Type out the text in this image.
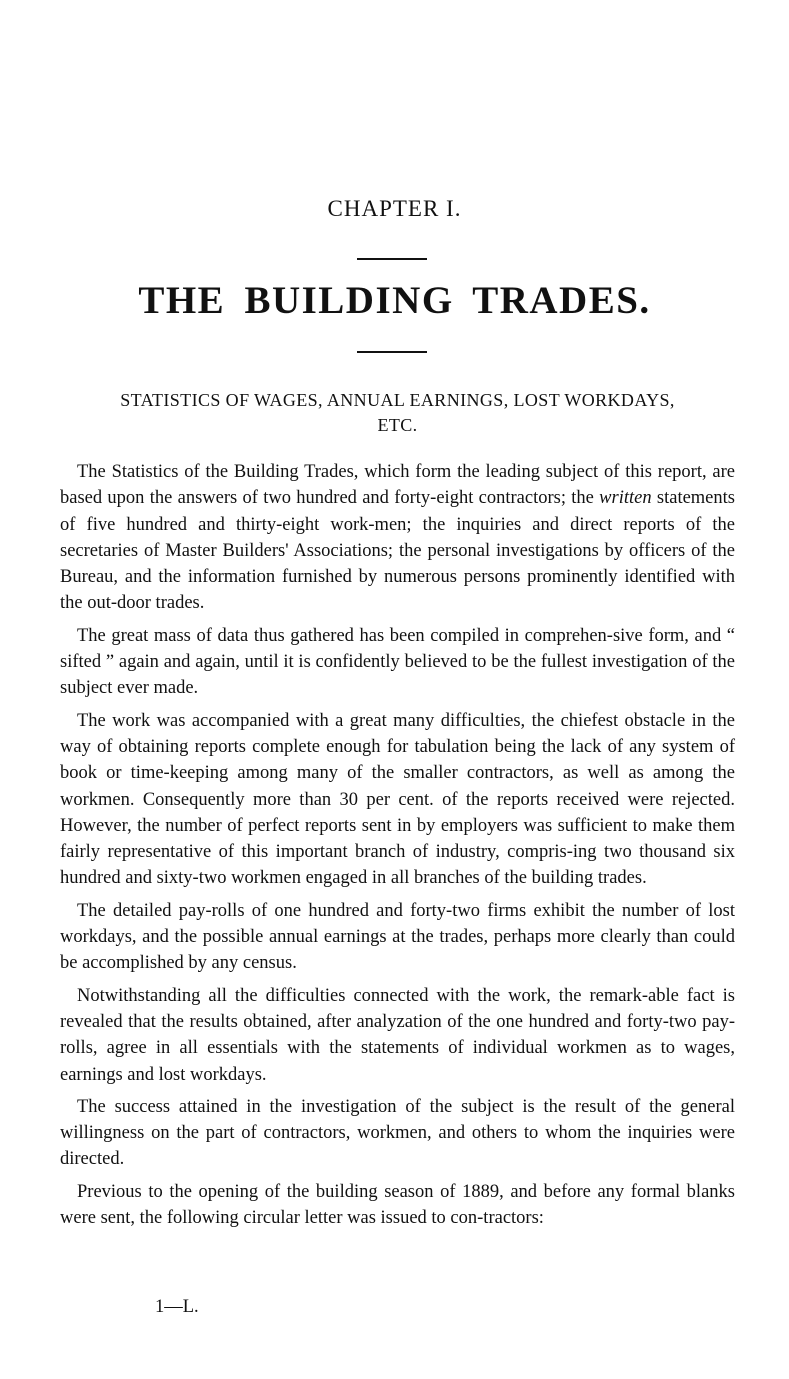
CHAPTER I.
THE BUILDING TRADES.
STATISTICS OF WAGES, ANNUAL EARNINGS, LOST WORKDAYS,
ETC.

The Statistics of the Building Trades, which form the leading subject of this report, are based upon the answers of two hundred and forty-eight contractors; the written statements of five hundred and thirty-eight work-men; the inquiries and direct reports of the secretaries of Master Builders' Associations; the personal investigations by officers of the Bureau, and the information furnished by numerous persons prominently identified with the out-door trades.

The great mass of data thus gathered has been compiled in comprehen-sive form, and “ sifted ” again and again, until it is confidently believed to be the fullest investigation of the subject ever made.

The work was accompanied with a great many difficulties, the chiefest obstacle in the way of obtaining reports complete enough for tabulation being the lack of any system of book or time-keeping among many of the smaller contractors, as well as among the workmen. Consequently more than 30 per cent. of the reports received were rejected. However, the number of perfect reports sent in by employers was sufficient to make them fairly representative of this important branch of industry, compris-ing two thousand six hundred and sixty-two workmen engaged in all branches of the building trades.

The detailed pay-rolls of one hundred and forty-two firms exhibit the number of lost workdays, and the possible annual earnings at the trades, perhaps more clearly than could be accomplished by any census.

Notwithstanding all the difficulties connected with the work, the remark-able fact is revealed that the results obtained, after analyzation of the one hundred and forty-two pay-rolls, agree in all essentials with the statements of individual workmen as to wages, earnings and lost workdays.

The success attained in the investigation of the subject is the result of the general willingness on the part of contractors, workmen, and others to whom the inquiries were directed.

Previous to the opening of the building season of 1889, and before any formal blanks were sent, the following circular letter was issued to con-tractors:

1—L.
